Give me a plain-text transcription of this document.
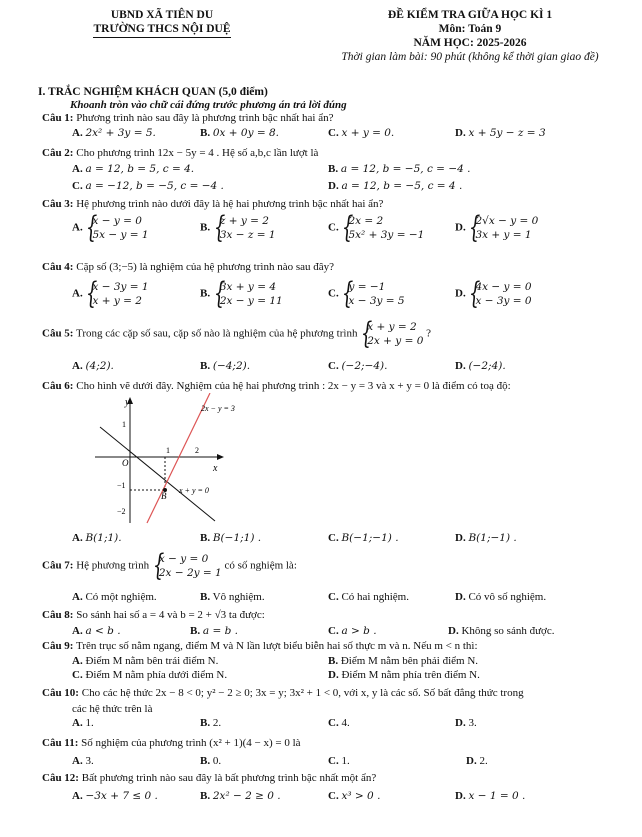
UBND XÃ TIÊN DU
TRƯỜNG THCS NỘI DUỆ
ĐỀ KIỂM TRA GIỮA HỌC KÌ 1
Môn: Toán 9
NĂM HỌC: 2025-2026
Thời gian làm bài: 90 phút (không kể thời gian giao đề)
I. TRẮC NGHIỆM KHÁCH QUAN (5,0 điểm)
Khoanh tròn vào chữ cái đứng trước phương án trả lời đúng
Câu 1: Phương trình nào sau đây là phương trình bậc nhất hai ẩn?
A. 2x² + 3y = 5.	B. 0x + 0y = 8.	C. x + y = 0.	D. x + 5y − z = 3
Câu 2: Cho phương trình 12x − 5y = 4 . Hệ số a,b,c lần lượt là
A. a = 12, b = 5, c = 4.	B. a = 12, b = −5, c = −4 .
C. a = −12, b = −5, c = −4 .	D. a = 12, b = −5, c = 4 .
Câu 3: Hệ phương trình nào dưới đây là hệ hai phương trình bậc nhất hai ẩn?
A.
{ x − y = 0
5x − y = 1
B.
{ z + y = 2
3x − z = 1
C.
{ 2x = 2
5x² + 3y = −1
D.
{ 2√x − y = 0
3x + y = 1
Câu 4: Cặp số (3;−5) là nghiệm của hệ phương trình nào sau đây?
A.
{ x − 3y = 1
x + y = 2
B.
{ 3x + y = 4
2x − y = 11
C.
{ y = −1
x − 3y = 5
D.
{ 4x − y = 0
x − 3y = 0
Câu 5: Trong các cặp số sau, cặp số nào là nghiệm của hệ phương trình
{ x + y = 2
2x + y = 0
?
A. (4;2).	B. (−4;2).	C. (−2;−4).	D. (−2;4).
Câu 6: Cho hình vẽ dưới đây. Nghiệm của hệ hai phương trình : 2x − y = 3 và x + y = 0 là điểm có toạ độ:
y
x
O
B
1
1	2
−1
−2
2x − y = 3
x + y = 0
A. B(1;1).	B. B(−1;1) .	C. B(−1;−1) .	D. B(1;−1) .
Câu 7: Hệ phương trình
{ x − y = 0
2x − 2y = 1
có số nghiệm là:
A. Có một nghiệm.	B. Vô nghiệm.	C. Có hai nghiệm.	D. Có vô số nghiệm.
Câu 8: So sánh hai số a = 4 và b = 2 + √3 ta được:
A. a < b .	B. a = b .	C. a > b .	D. Không so sánh được.
Câu 9: Trên trục số nằm ngang, điểm M và N lần lượt biểu biễn hai số thực m và n. Nếu m < n thì:
A. Điểm M nằm bên trái điểm N.	B. Điểm M nằm bên phải điểm N.
C. Điểm M nằm phía dưới điểm N.	D. Điểm M nằm phía trên điểm N.
Câu 10: Cho các hệ thức 2x − 8 < 0; y² − 2 ≥ 0; 3x = y; 3x² + 1 < 0, với x, y là các số. Số bất đẳng thức trong
các hệ thức trên là
A. 1.	B. 2.	C. 4.	D. 3.
Câu 11: Số nghiệm của phương trình (x² + 1)(4 − x) = 0 là
A. 3.	B. 0.	C. 1.	D. 2.
Câu 12: Bất phương trình nào sau đây là bất phương trình bậc nhất một ẩn?
A. −3x + 7 ≤ 0 .	B. 2x² − 2 ≥ 0 .	C. x³ > 0 .	D. x − 1 = 0 .
